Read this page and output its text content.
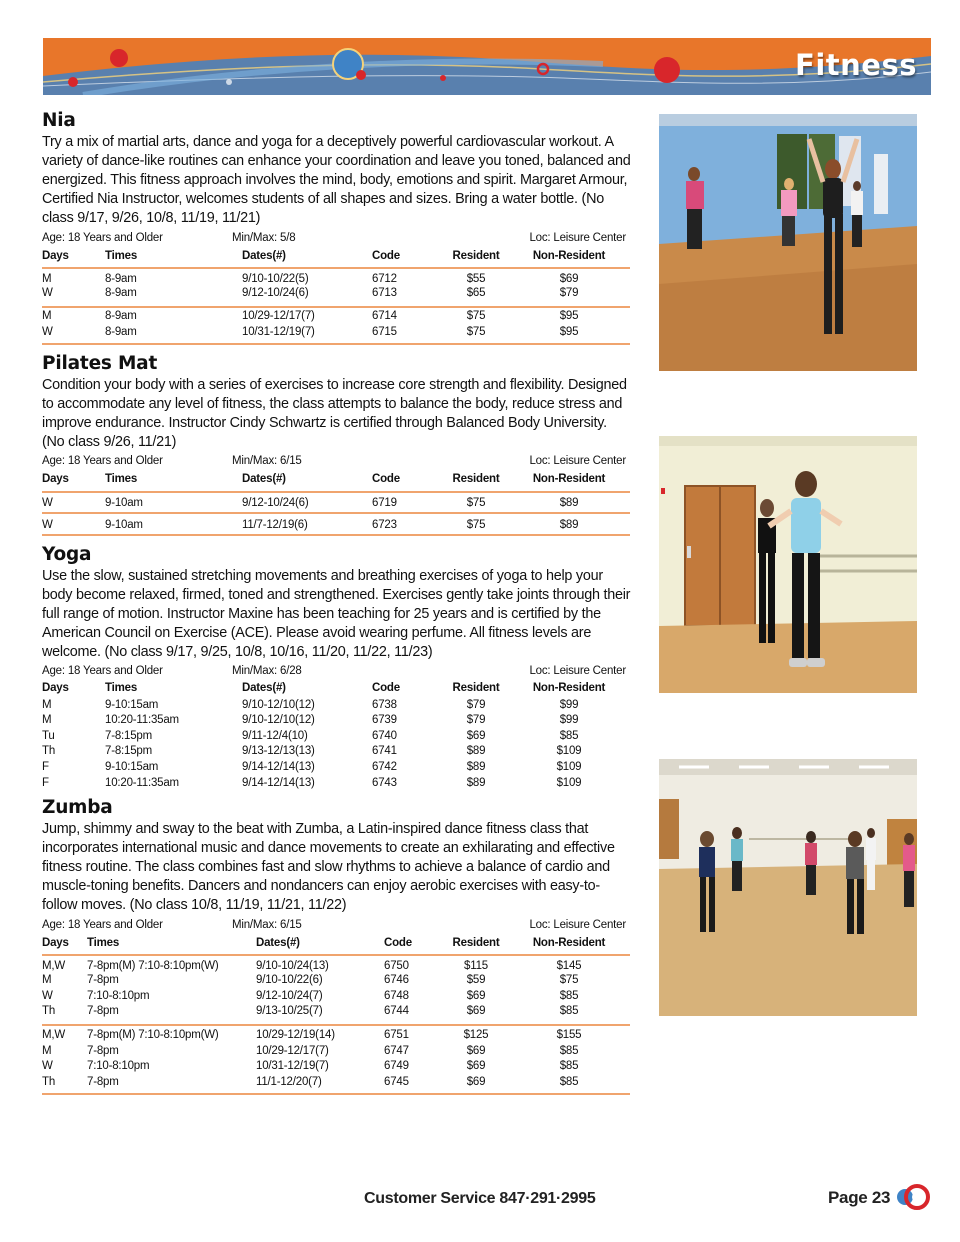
Fitness
Nia

Try a mix of martial arts, dance and yoga for a deceptively powerful cardiovascular workout. A variety of dance-like routines can enhance your coordination and leave you toned, balanced and energized. This fitness approach involves the mind, body, emotions and spirit. Margaret Armour, Certified Nia Instructor, welcomes students of all shapes and sizes. Bring a water bottle. (No class 9/17, 9/26, 10/8, 11/19, 11/21)

Age: 18 Years and Older	Min/Max: 5/8	Loc: Leisure Center
Days	Times	Dates(#)	Code	Resident	Non-Resident

M	8-9am	9/10-10/22(5)	6712	$55	$69
W	8-9am	9/12-10/24(6)	6713	$65	$79

M	8-9am	10/29-12/17(7)	6714	$75	$95
W	8-9am	10/31-12/19(7)	6715	$75	$95

Pilates Mat

Condition your body with a series of exercises to increase core strength and flexibility. Designed to accommodate any level of fitness, the class attempts to balance the body, reduce stress and improve endurance. Instructor Cindy Schwartz is certified through Balanced Body University. (No class 9/26, 11/21)

Age: 18 Years and Older	Min/Max: 6/15	Loc: Leisure Center
Days	Times	Dates(#)	Code	Resident	Non-Resident

W	9-10am	9/12-10/24(6)	6719	$75	$89

W	9-10am	11/7-12/19(6)	6723	$75	$89

Yoga

Use the slow, sustained stretching movements and breathing exercises of yoga to help your body become relaxed, firmed, toned and strengthened. Exercises gently take joints through their full range of motion. Instructor Maxine has been teaching for 25 years and is certified by the American Council on Exercise (ACE). Please avoid wearing perfume. All fitness levels are welcome. (No class 9/17, 9/25, 10/8, 10/16, 11/20, 11/22, 11/23)

Age: 18 Years and Older	Min/Max: 6/28	Loc: Leisure Center
Days	Times	Dates(#)	Code	Resident	Non-Resident
M	9-10:15am	9/10-12/10(12)	6738	$79	$99
M	10:20-11:35am	9/10-12/10(12)	6739	$79	$99
Tu	7-8:15pm	9/11-12/4(10)	6740	$69	$85
Th	7-8:15pm	9/13-12/13(13)	6741	$89	$109
F	9-10:15am	9/14-12/14(13)	6742	$89	$109
F	10:20-11:35am	9/14-12/14(13)	6743	$89	$109
Zumba

Jump, shimmy and sway to the beat with Zumba, a Latin-inspired dance fitness class that incorporates international music and dance movements to create an exhilarating and effective fitness routine. The class combines fast and slow rhythms to achieve a balance of cardio and muscle-toning benefits. Dancers and nondancers can enjoy aerobic exercises with easy-to-follow moves. (No class 10/8, 11/19, 11/21, 11/22)

Age: 18 Years and Older	Min/Max: 6/15	Loc: Leisure Center
Days	Times	Dates(#)	Code	Resident	Non-Resident

M,W	7-8pm(M) 7:10-8:10pm(W)	9/10-10/24(13)	6750	$115	$145
M	7-8pm	9/10-10/22(6)	6746	$59	$75
W	7:10-8:10pm	9/12-10/24(7)	6748	$69	$85
Th	7-8pm	9/13-10/25(7)	6744	$69	$85

M,W	7-8pm(M) 7:10-8:10pm(W)	10/29-12/19(14)	6751	$125	$155
M	7-8pm	10/29-12/17(7)	6747	$69	$85
W	7:10-8:10pm	10/31-12/19(7)	6749	$69	$85
Th	7-8pm	11/1-12/20(7)	6745	$69	$85

Customer Service 847·291·2995	Page 23
